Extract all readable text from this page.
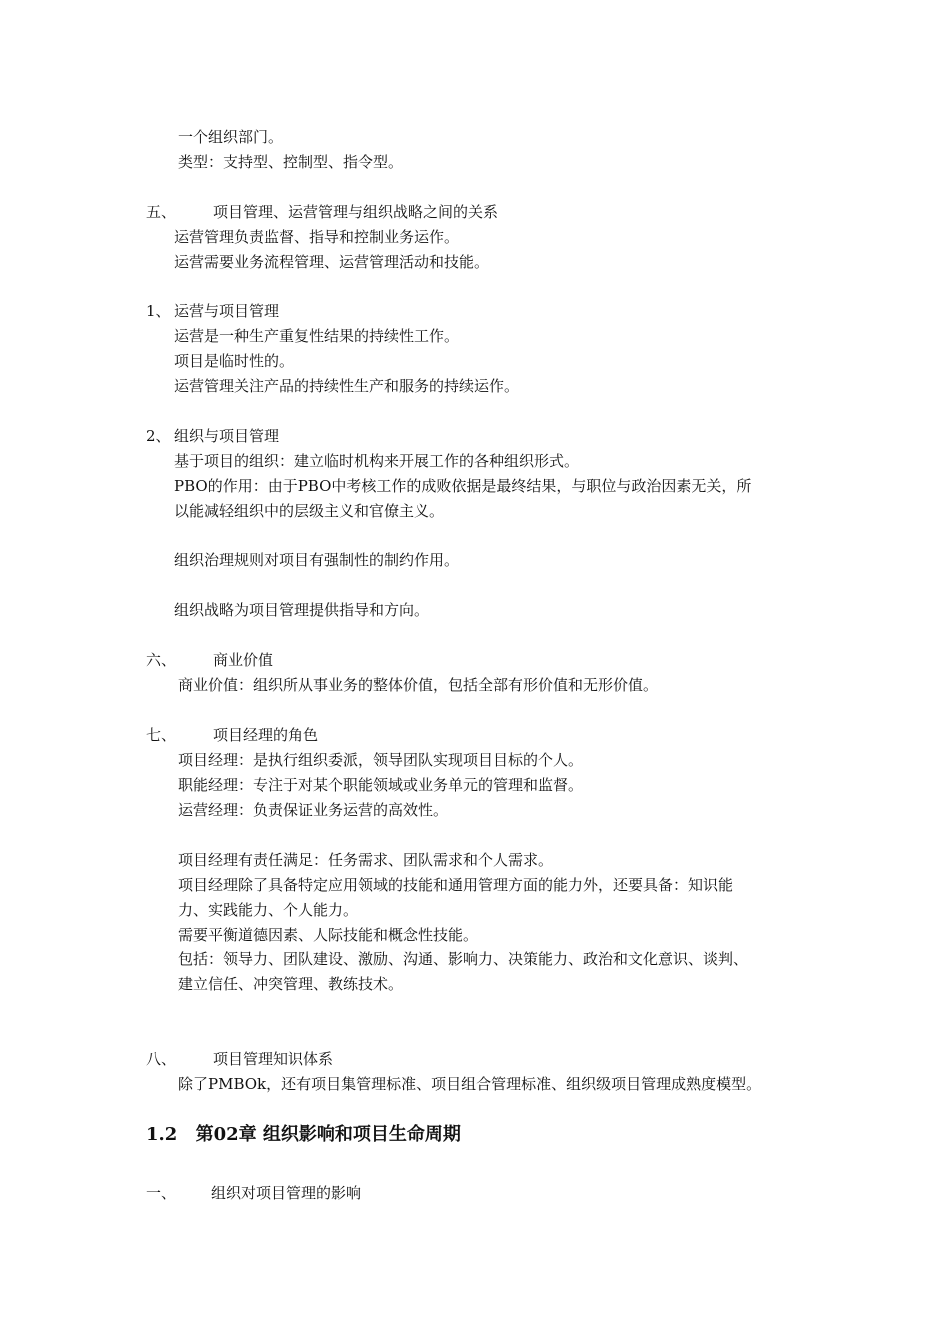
一个组织部门。
类型：支持型、控制型、指令型。
五、 项目管理、运营管理与组织战略之间的关系
运营管理负责监督、指导和控制业务运作。
运营需要业务流程管理、运营管理活动和技能。
1、 运营与项目管理
运营是一种生产重复性结果的持续性工作。
项目是临时性的。
运营管理关注产品的持续性生产和服务的持续运作。
2、 组织与项目管理
基于项目的组织：建立临时机构来开展工作的各种组织形式。
PBO的作用：由于PBO中考核工作的成败依据是最终结果，与职位与政治因素无关，所
以能减轻组织中的层级主义和官僚主义。
组织治理规则对项目有强制性的制约作用。
组织战略为项目管理提供指导和方向。
六、 商业价值
商业价值：组织所从事业务的整体价值，包括全部有形价值和无形价值。
七、 项目经理的角色
项目经理：是执行组织委派，领导团队实现项目目标的个人。
职能经理：专注于对某个职能领域或业务单元的管理和监督。
运营经理：负责保证业务运营的高效性。
项目经理有责任满足：任务需求、团队需求和个人需求。
项目经理除了具备特定应用领域的技能和通用管理方面的能力外，还要具备：知识能
力、实践能力、个人能力。
需要平衡道德因素、人际技能和概念性技能。
包括：领导力、团队建设、激励、沟通、影响力、决策能力、政治和文化意识、谈判、
建立信任、冲突管理、教练技术。
八、 项目管理知识体系
除了PMBOk，还有项目集管理标准、项目组合管理标准、组织级项目管理成熟度模型。
1.2 第02章 组织影响和项目生命周期
一、 组织对项目管理的影响
